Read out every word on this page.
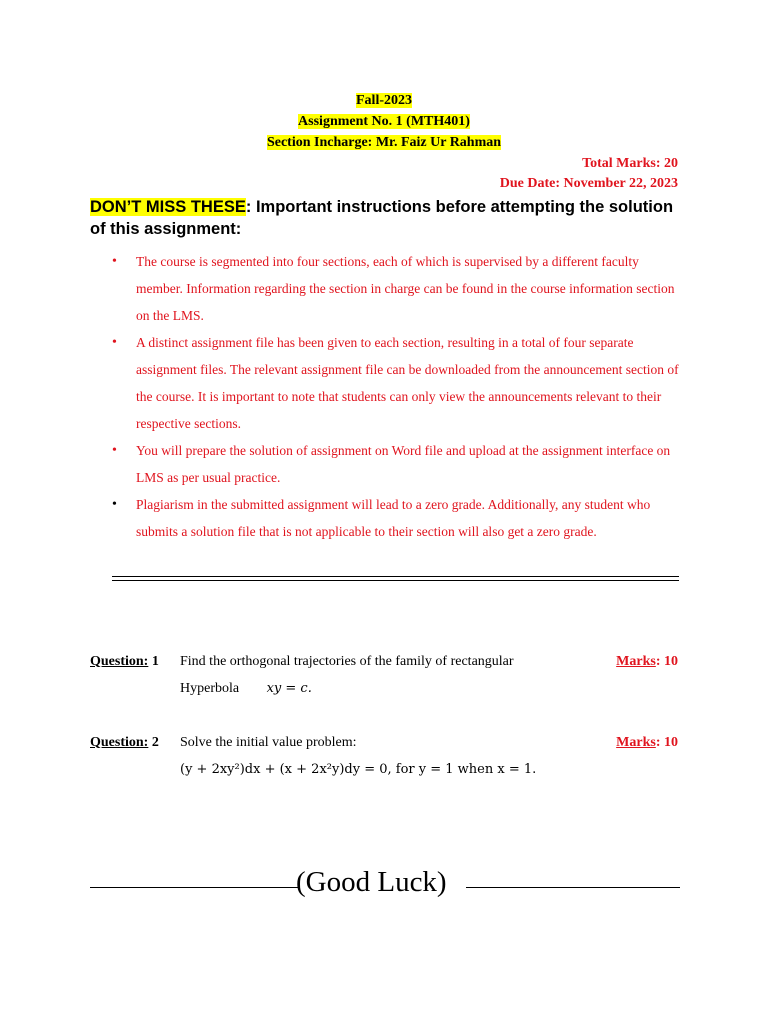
Fall-2023
Assignment No. 1 (MTH401)
Section Incharge: Mr. Faiz Ur Rahman
Total Marks: 20
Due Date: November 22, 2023
DON’T MISS THESE: Important instructions before attempting the solution of this assignment:
• The course is segmented into four sections, each of which is supervised by a different faculty member. Information regarding the section in charge can be found in the course information section on the LMS.
• A distinct assignment file has been given to each section, resulting in a total of four separate assignment files. The relevant assignment file can be downloaded from the announcement section of the course. It is important to note that students can only view the announcements relevant to their respective sections.
• You will prepare the solution of assignment on Word file and upload at the assignment interface on LMS as per usual practice.
• Plagiarism in the submitted assignment will lead to a zero grade. Additionally, any student who submits a solution file that is not applicable to their section will also get a zero grade.
Question: 1 Find the orthogonal trajectories of the family of rectangular
Hyperbola xy = c.
Marks: 10
Question: 2 Solve the initial value problem:
(y + 2xy²)dx + (x + 2x²y)dy = 0, for y = 1 when x = 1.
Marks: 10
(Good Luck)
